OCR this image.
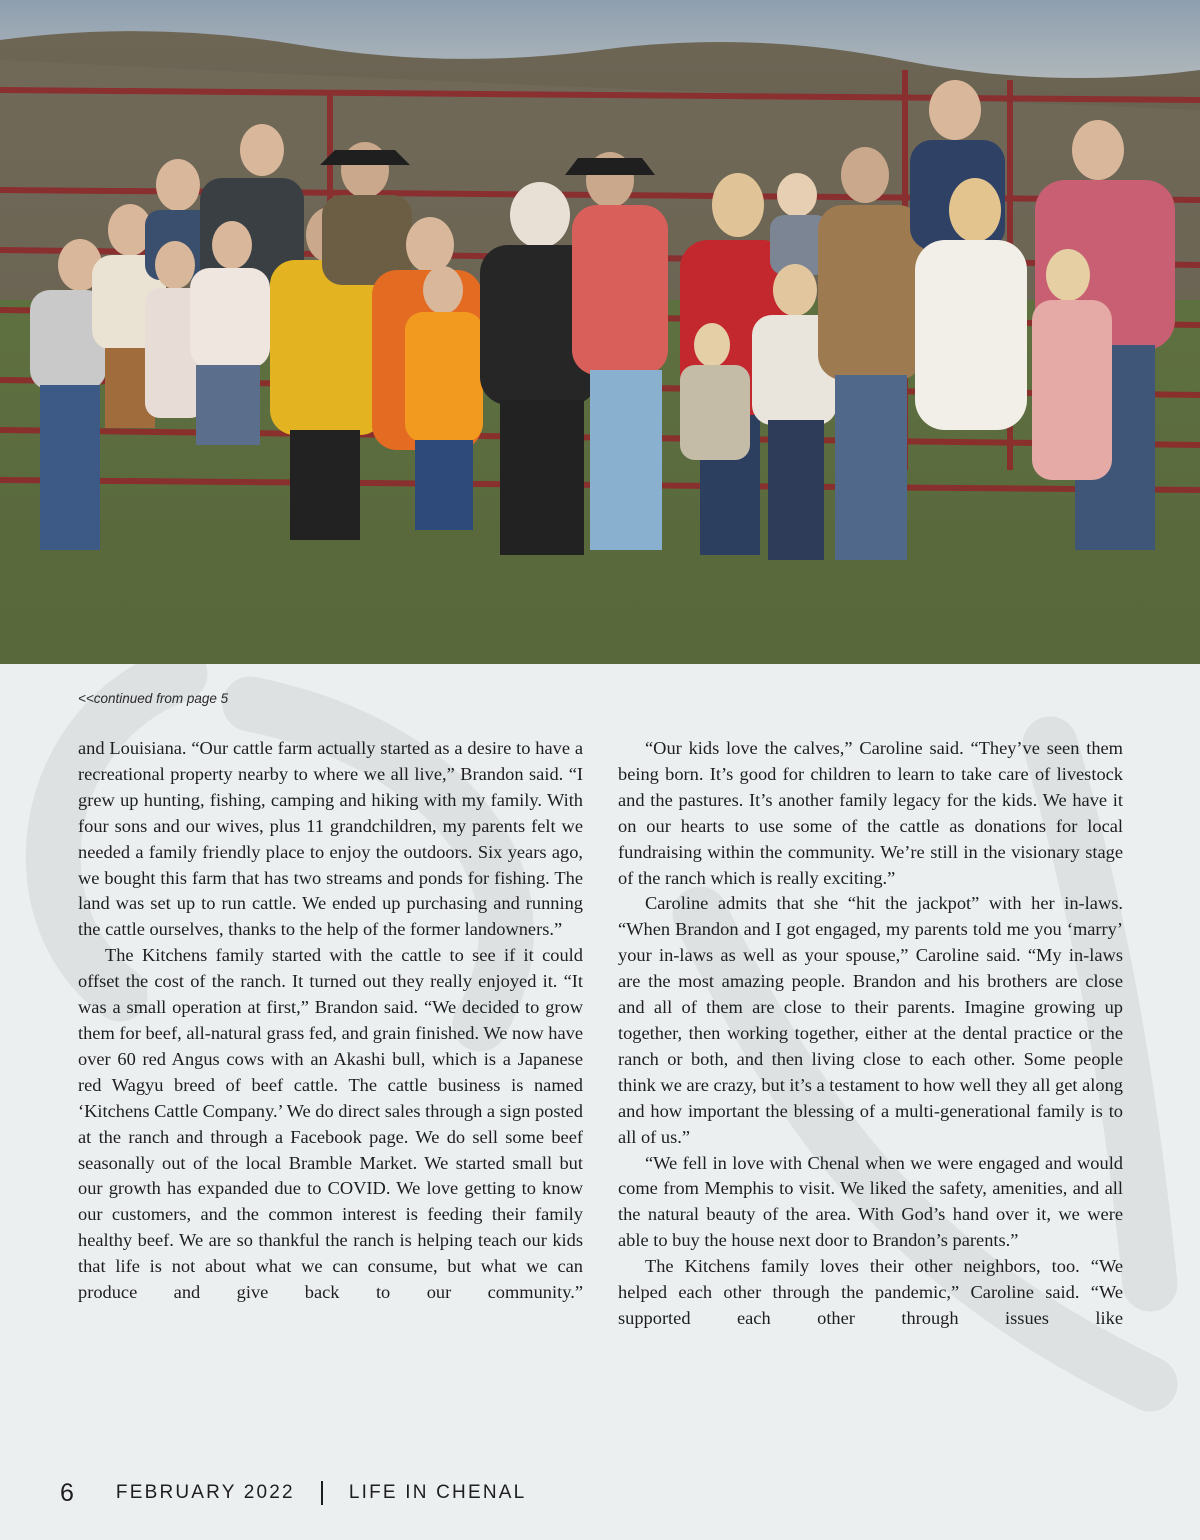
<<continued from page 5

and Louisiana. “Our cattle farm actually started as a desire to have a recreational property nearby to where we all live,” Brandon said. “I grew up hunting, fishing, camping and hiking with my family. With four sons and our wives, plus 11 grandchildren, my parents felt we needed a family friendly place to enjoy the outdoors. Six years ago, we bought this farm that has two streams and ponds for fishing. The land was set up to run cattle. We ended up purchasing and running the cattle ourselves, thanks to the help of the former landowners.”

The Kitchens family started with the cattle to see if it could offset the cost of the ranch. It turned out they really enjoyed it. “It was a small operation at first,” Brandon said. “We decided to grow them for beef, all-natural grass fed, and grain finished. We now have over 60 red Angus cows with an Akashi bull, which is a Japanese red Wagyu breed of beef cattle. The cattle business is named ‘Kitchens Cattle Company.’ We do direct sales through a sign posted at the ranch and through a Facebook page. We do sell some beef seasonally out of the local Bramble Market. We started small but our growth has expanded due to COVID. We love getting to know our customers, and the common interest is feeding their family healthy beef. We are so thankful the ranch is helping teach our kids that life is not about what we can consume, but what we can produce and give back to our community.”

“Our kids love the calves,” Caroline said. “They’ve seen them being born. It’s good for children to learn to take care of livestock and the pastures. It’s another family legacy for the kids. We have it on our hearts to use some of the cattle as donations for local fundraising within the community. We’re still in the visionary stage of the ranch which is really exciting.”

Caroline admits that she “hit the jackpot” with her in-laws. “When Brandon and I got engaged, my parents told me you ‘marry’ your in-laws as well as your spouse,” Caroline said. “My in-laws are the most amazing people. Brandon and his brothers are close and all of them are close to their parents. Imagine growing up together, then working together, either at the dental practice or the ranch or both, and then living close to each other. Some people think we are crazy, but it’s a testament to how well they all get along and how important the blessing of a multi-generational family is to all of us.”

“We fell in love with Chenal when we were engaged and would come from Memphis to visit. We liked the safety, amenities, and all the natural beauty of the area. With God’s hand over it, we were able to buy the house next door to Brandon’s parents.”

The Kitchens family loves their other neighbors, too. “We helped each other through the pandemic,” Caroline said. “We supported each other through issues like

6 FEBRUARY 2022	LIFE IN CHENAL
